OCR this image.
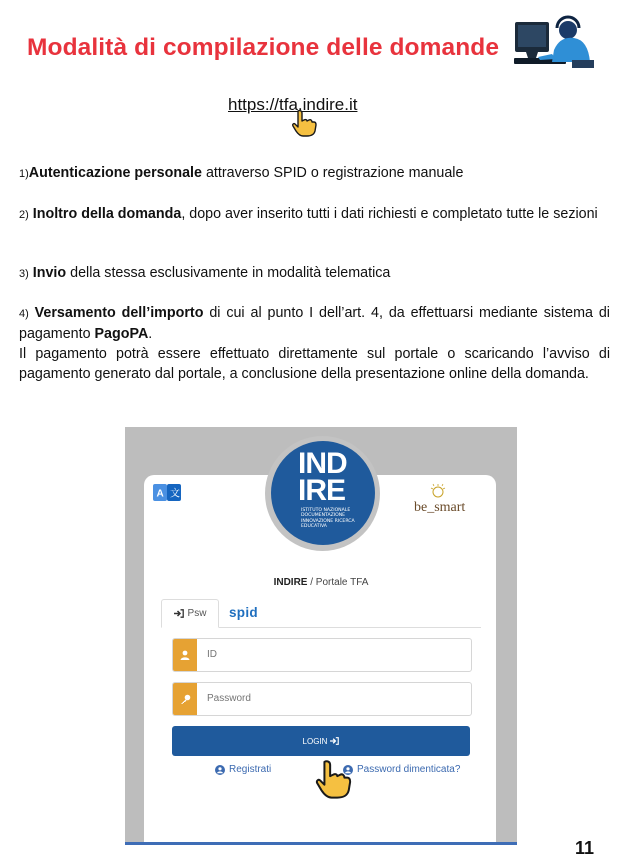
Modalità di compilazione delle domande
https://tfa.indire.it
1)Autenticazione personale attraverso SPID o registrazione manuale
2) Inoltro della domanda, dopo aver inserito tutti i dati richiesti e completato tutte le sezioni
3) Invio della stessa esclusivamente in modalità telematica
4) Versamento dell’importo di cui al punto I dell’art. 4, da effettuarsi mediante sistema di pagamento PagoPA.
Il pagamento potrà essere effettuato direttamente sul portale o scaricando l’avviso di pagamento generato dal portale, a conclusione della presentazione online della domanda.
A 文
be_smart
IND
IRE
ISTITUTO NAZIONALE DOCUMENTAZIONE INNOVAZIONE RICERCA EDUCATIVA
INDIRE / Portale TFA
Psw spid
ID
LOGIN
Registrati	Password dimenticata?
11
